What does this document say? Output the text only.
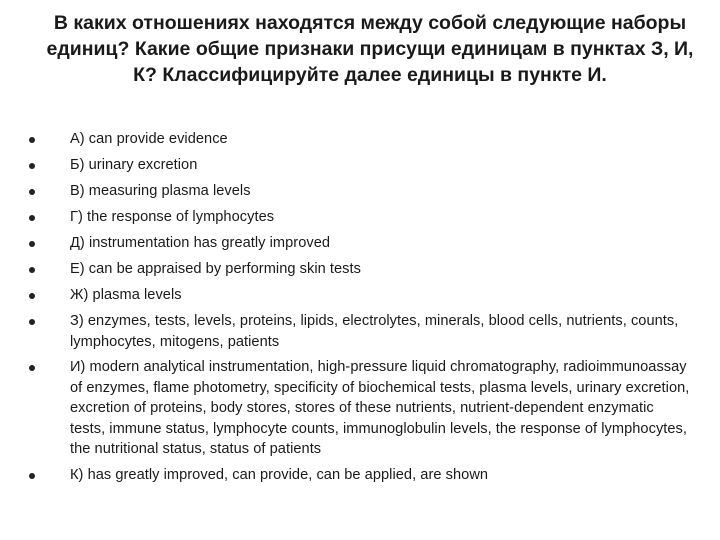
В каких отношениях находятся между собой следующие наборы единиц? Какие общие признаки присущи единицам в пунктах З, И, К? Классифицируйте далее единицы в пункте И.
А) can provide evidence
Б) urinary excretion
В) measuring plasma levels
Г) the response of lymphocytes
Д) instrumentation has greatly improved
Е) can be appraised by performing skin tests
Ж) plasma levels
З) enzymes, tests, levels, proteins, lipids, electrolytes, minerals, blood cells, nutrients, counts, lymphocytes, mitogens, patients
И) modern analytical instrumentation, high-pressure liquid chromatography, radioimmunoassay of enzymes, flame photometry, specificity of biochemical tests, plasma levels, urinary excretion, excretion of proteins, body stores, stores of these nutrients, nutrient-dependent enzymatic tests, immune status, lymphocyte counts, immunoglobulin levels, the response of lymphocytes, the nutritional status, status of patients
К) has greatly improved, can provide, can be applied, are shown
